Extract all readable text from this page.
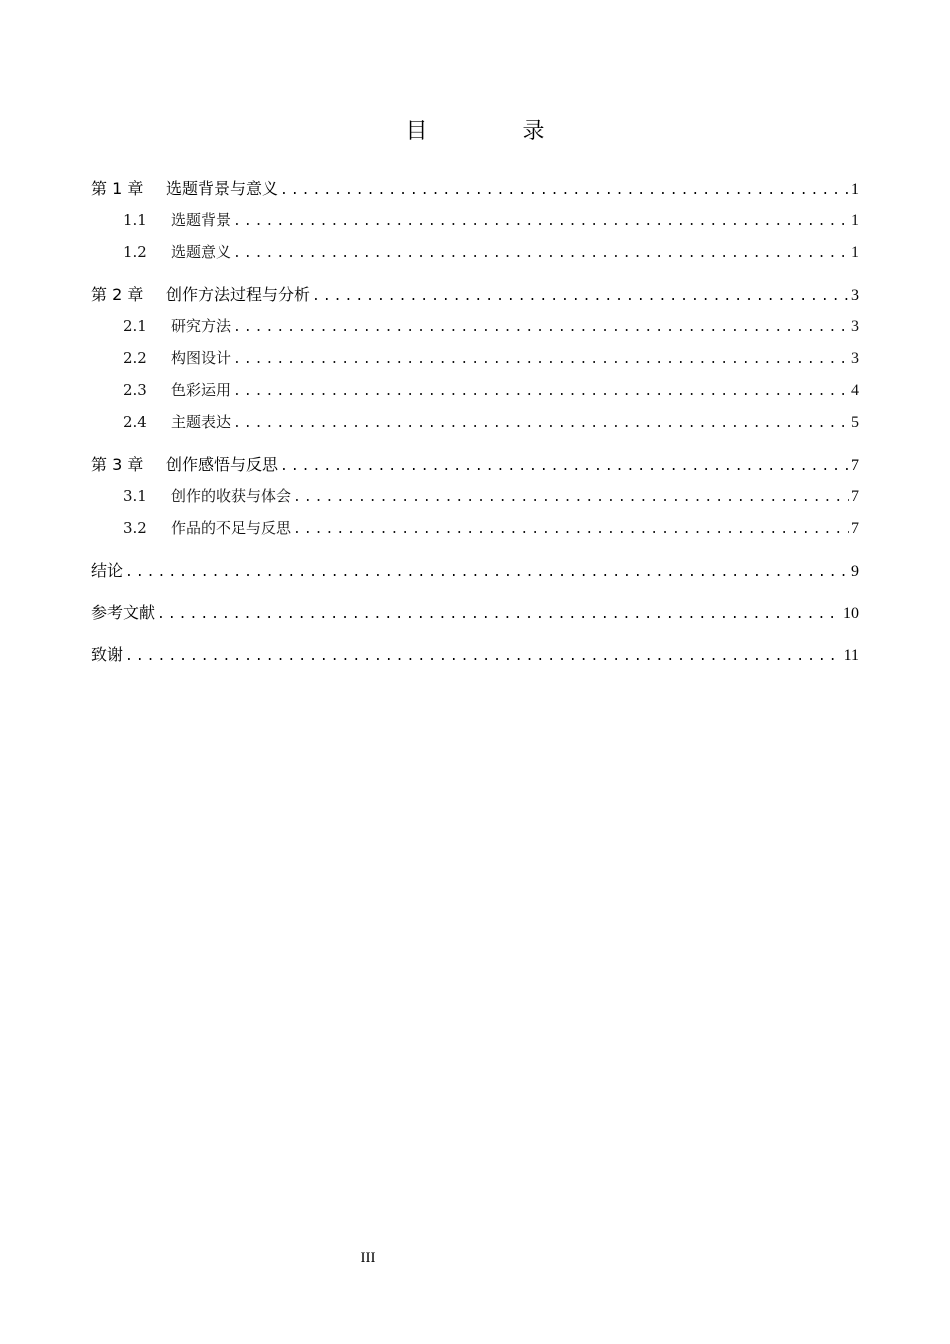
目 录
第 1 章 选题背景与意义 .....	1
1.1 选题背景 .....	1
1.2 选题意义 .....	1
第 2 章 创作方法过程与分析 .....	3
2.1 研究方法 .....	3
2.2 构图设计 .....	3
2.3 色彩运用 .....	4
2.4 主题表达 .....	5
第 3 章 创作感悟与反思 .....	7
3.1 创作的收获与体会 .....	7
3.2 作品的不足与反思 .....	7
结论 .....	9
参考文献 .....	10
致谢 .....	11
III
